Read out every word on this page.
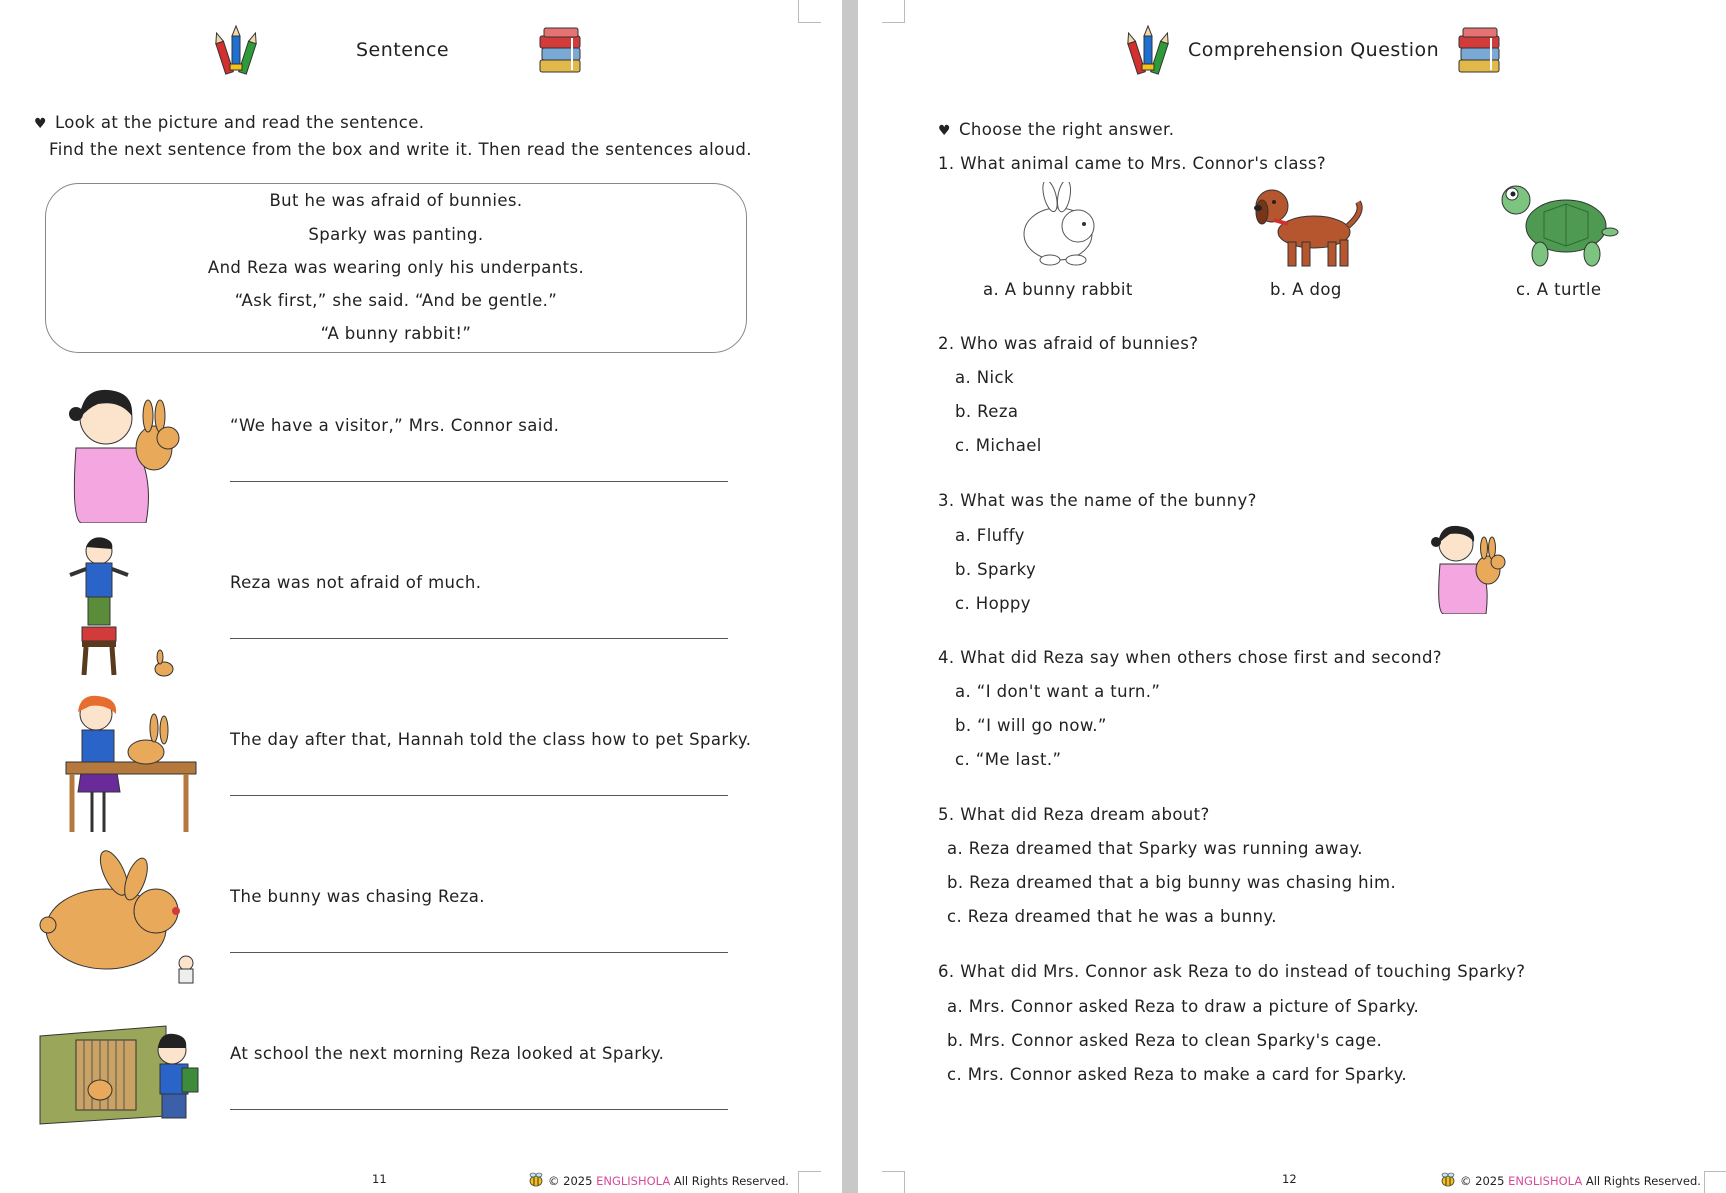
Sentence
♥ Look at the picture and read the sentence.
Find the next sentence from the box and write it. Then read the sentences aloud.
But he was afraid of bunnies.
Sparky was panting.
And Reza was wearing only his underpants.
“Ask first,” she said. “And be gentle.”
“A bunny rabbit!”
“We have a visitor,” Mrs. Connor said.
Reza was not afraid of much.
The day after that, Hannah told the class how to pet Sparky.
The bunny was chasing Reza.
At school the next morning Reza looked at Sparky.
11	© 2025 ENGLISHOLA All Rights Reserved.
Comprehension Question
♥ Choose the right answer.
1. What animal came to Mrs. Connor's class?
a. A bunny rabbit	b. A dog	c. A turtle
2. Who was afraid of bunnies?
a. Nick
b. Reza
c. Michael
3. What was the name of the bunny?
a. Fluffy
b. Sparky
c. Hoppy
4. What did Reza say when others chose first and second?
a. “I don't want a turn.”
b. “I will go now.”
c. “Me last.”
5. What did Reza dream about?
a. Reza dreamed that Sparky was running away.
b. Reza dreamed that a big bunny was chasing him.
c. Reza dreamed that he was a bunny.
6. What did Mrs. Connor ask Reza to do instead of touching Sparky?
a. Mrs. Connor asked Reza to draw a picture of Sparky.
b. Mrs. Connor asked Reza to clean Sparky's cage.
c. Mrs. Connor asked Reza to make a card for Sparky.
12	© 2025 ENGLISHOLA All Rights Reserved.
